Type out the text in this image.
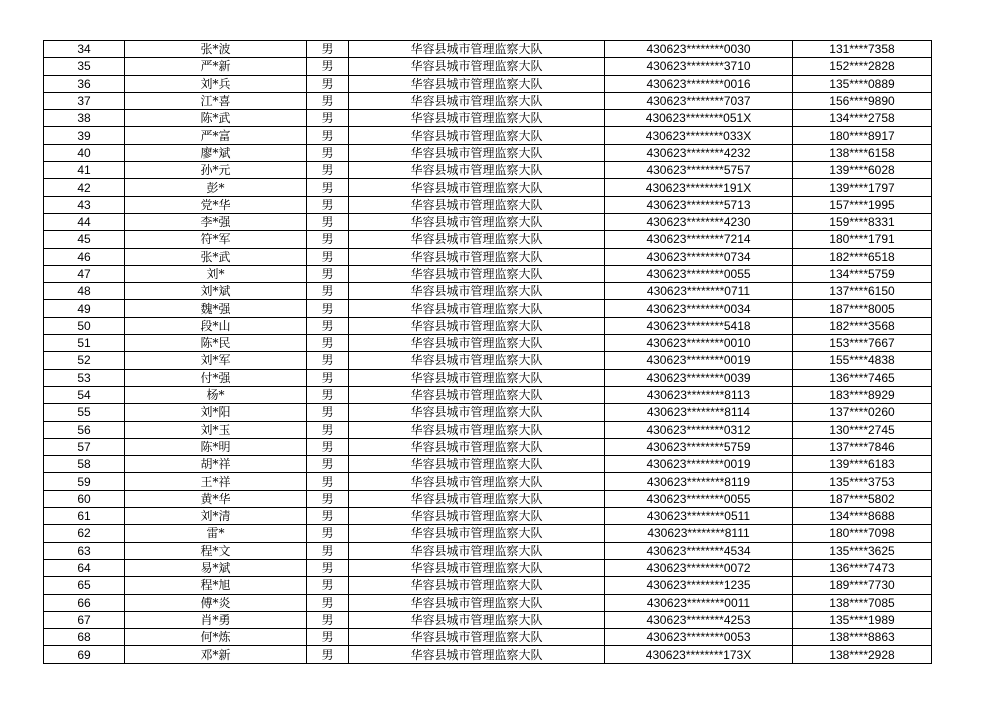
34	张*波	男	华容县城市管理监察大队	430623********0030	131****7358
35	严*新	男	华容县城市管理监察大队	430623********3710	152****2828
36	刘*兵	男	华容县城市管理监察大队	430623********0016	135****0889
37	江*喜	男	华容县城市管理监察大队	430623********7037	156****9890
38	陈*武	男	华容县城市管理监察大队	430623********051X	134****2758
39	严*富	男	华容县城市管理监察大队	430623********033X	180****8917
40	廖*斌	男	华容县城市管理监察大队	430623********4232	138****6158
41	孙*元	男	华容县城市管理监察大队	430623********5757	139****6028
42	彭*	男	华容县城市管理监察大队	430623********191X	139****1797
43	党*华	男	华容县城市管理监察大队	430623********5713	157****1995
44	李*强	男	华容县城市管理监察大队	430623********4230	159****8331
45	符*军	男	华容县城市管理监察大队	430623********7214	180****1791
46	张*武	男	华容县城市管理监察大队	430623********0734	182****6518
47	刘*	男	华容县城市管理监察大队	430623********0055	134****5759
48	刘*斌	男	华容县城市管理监察大队	430623********0711	137****6150
49	魏*强	男	华容县城市管理监察大队	430623********0034	187****8005
50	段*山	男	华容县城市管理监察大队	430623********5418	182****3568
51	陈*民	男	华容县城市管理监察大队	430623********0010	153****7667
52	刘*军	男	华容县城市管理监察大队	430623********0019	155****4838
53	付*强	男	华容县城市管理监察大队	430623********0039	136****7465
54	杨*	男	华容县城市管理监察大队	430623********8113	183****8929
55	刘*阳	男	华容县城市管理监察大队	430623********8114	137****0260
56	刘*玉	男	华容县城市管理监察大队	430623********0312	130****2745
57	陈*明	男	华容县城市管理监察大队	430623********5759	137****7846
58	胡*祥	男	华容县城市管理监察大队	430623********0019	139****6183
59	王*祥	男	华容县城市管理监察大队	430623********8119	135****3753
60	黄*华	男	华容县城市管理监察大队	430623********0055	187****5802
61	刘*清	男	华容县城市管理监察大队	430623********0511	134****8688
62	雷*	男	华容县城市管理监察大队	430623********8111	180****7098
63	程*文	男	华容县城市管理监察大队	430623********4534	135****3625
64	易*斌	男	华容县城市管理监察大队	430623********0072	136****7473
65	程*旭	男	华容县城市管理监察大队	430623********1235	189****7730
66	傅*炎	男	华容县城市管理监察大队	430623********0011	138****7085
67	肖*勇	男	华容县城市管理监察大队	430623********4253	135****1989
68	何*炼	男	华容县城市管理监察大队	430623********0053	138****8863
69	邓*新	男	华容县城市管理监察大队	430623********173X	138****2928
